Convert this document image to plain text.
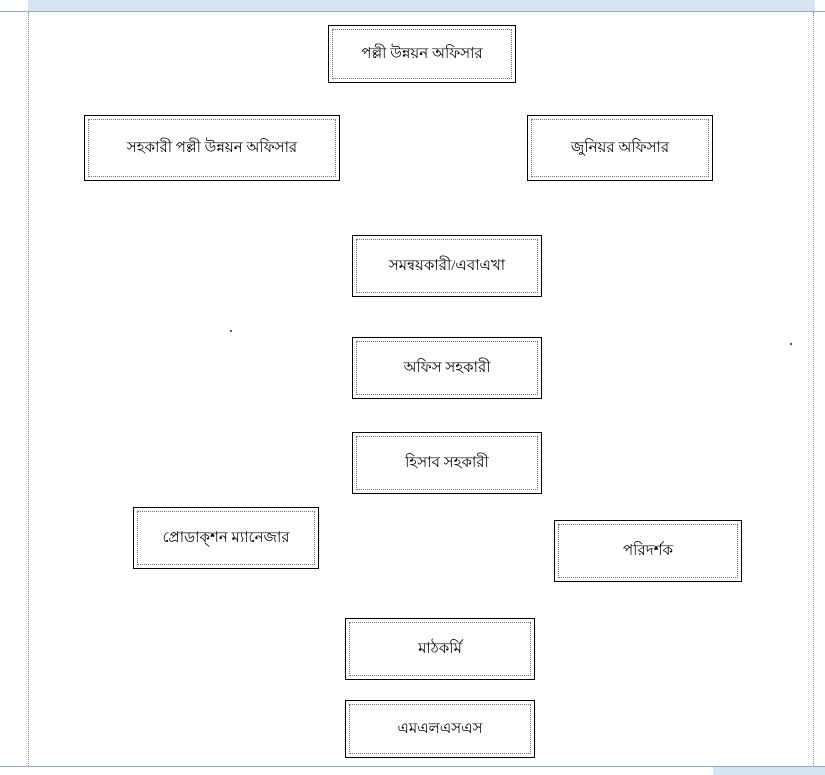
পল্লী উন্নয়ন অফিসার
সহকারী পল্লী উন্নয়ন অফিসার	জুনিয়র অফিসার
সমন্বয়কারী/এবাএখা
অফিস সহকারী
হিসাব সহকারী
প্রোডাক্শন ম্যানেজার
পরিদর্শক
মাঠকর্মি
এমএলএসএস
